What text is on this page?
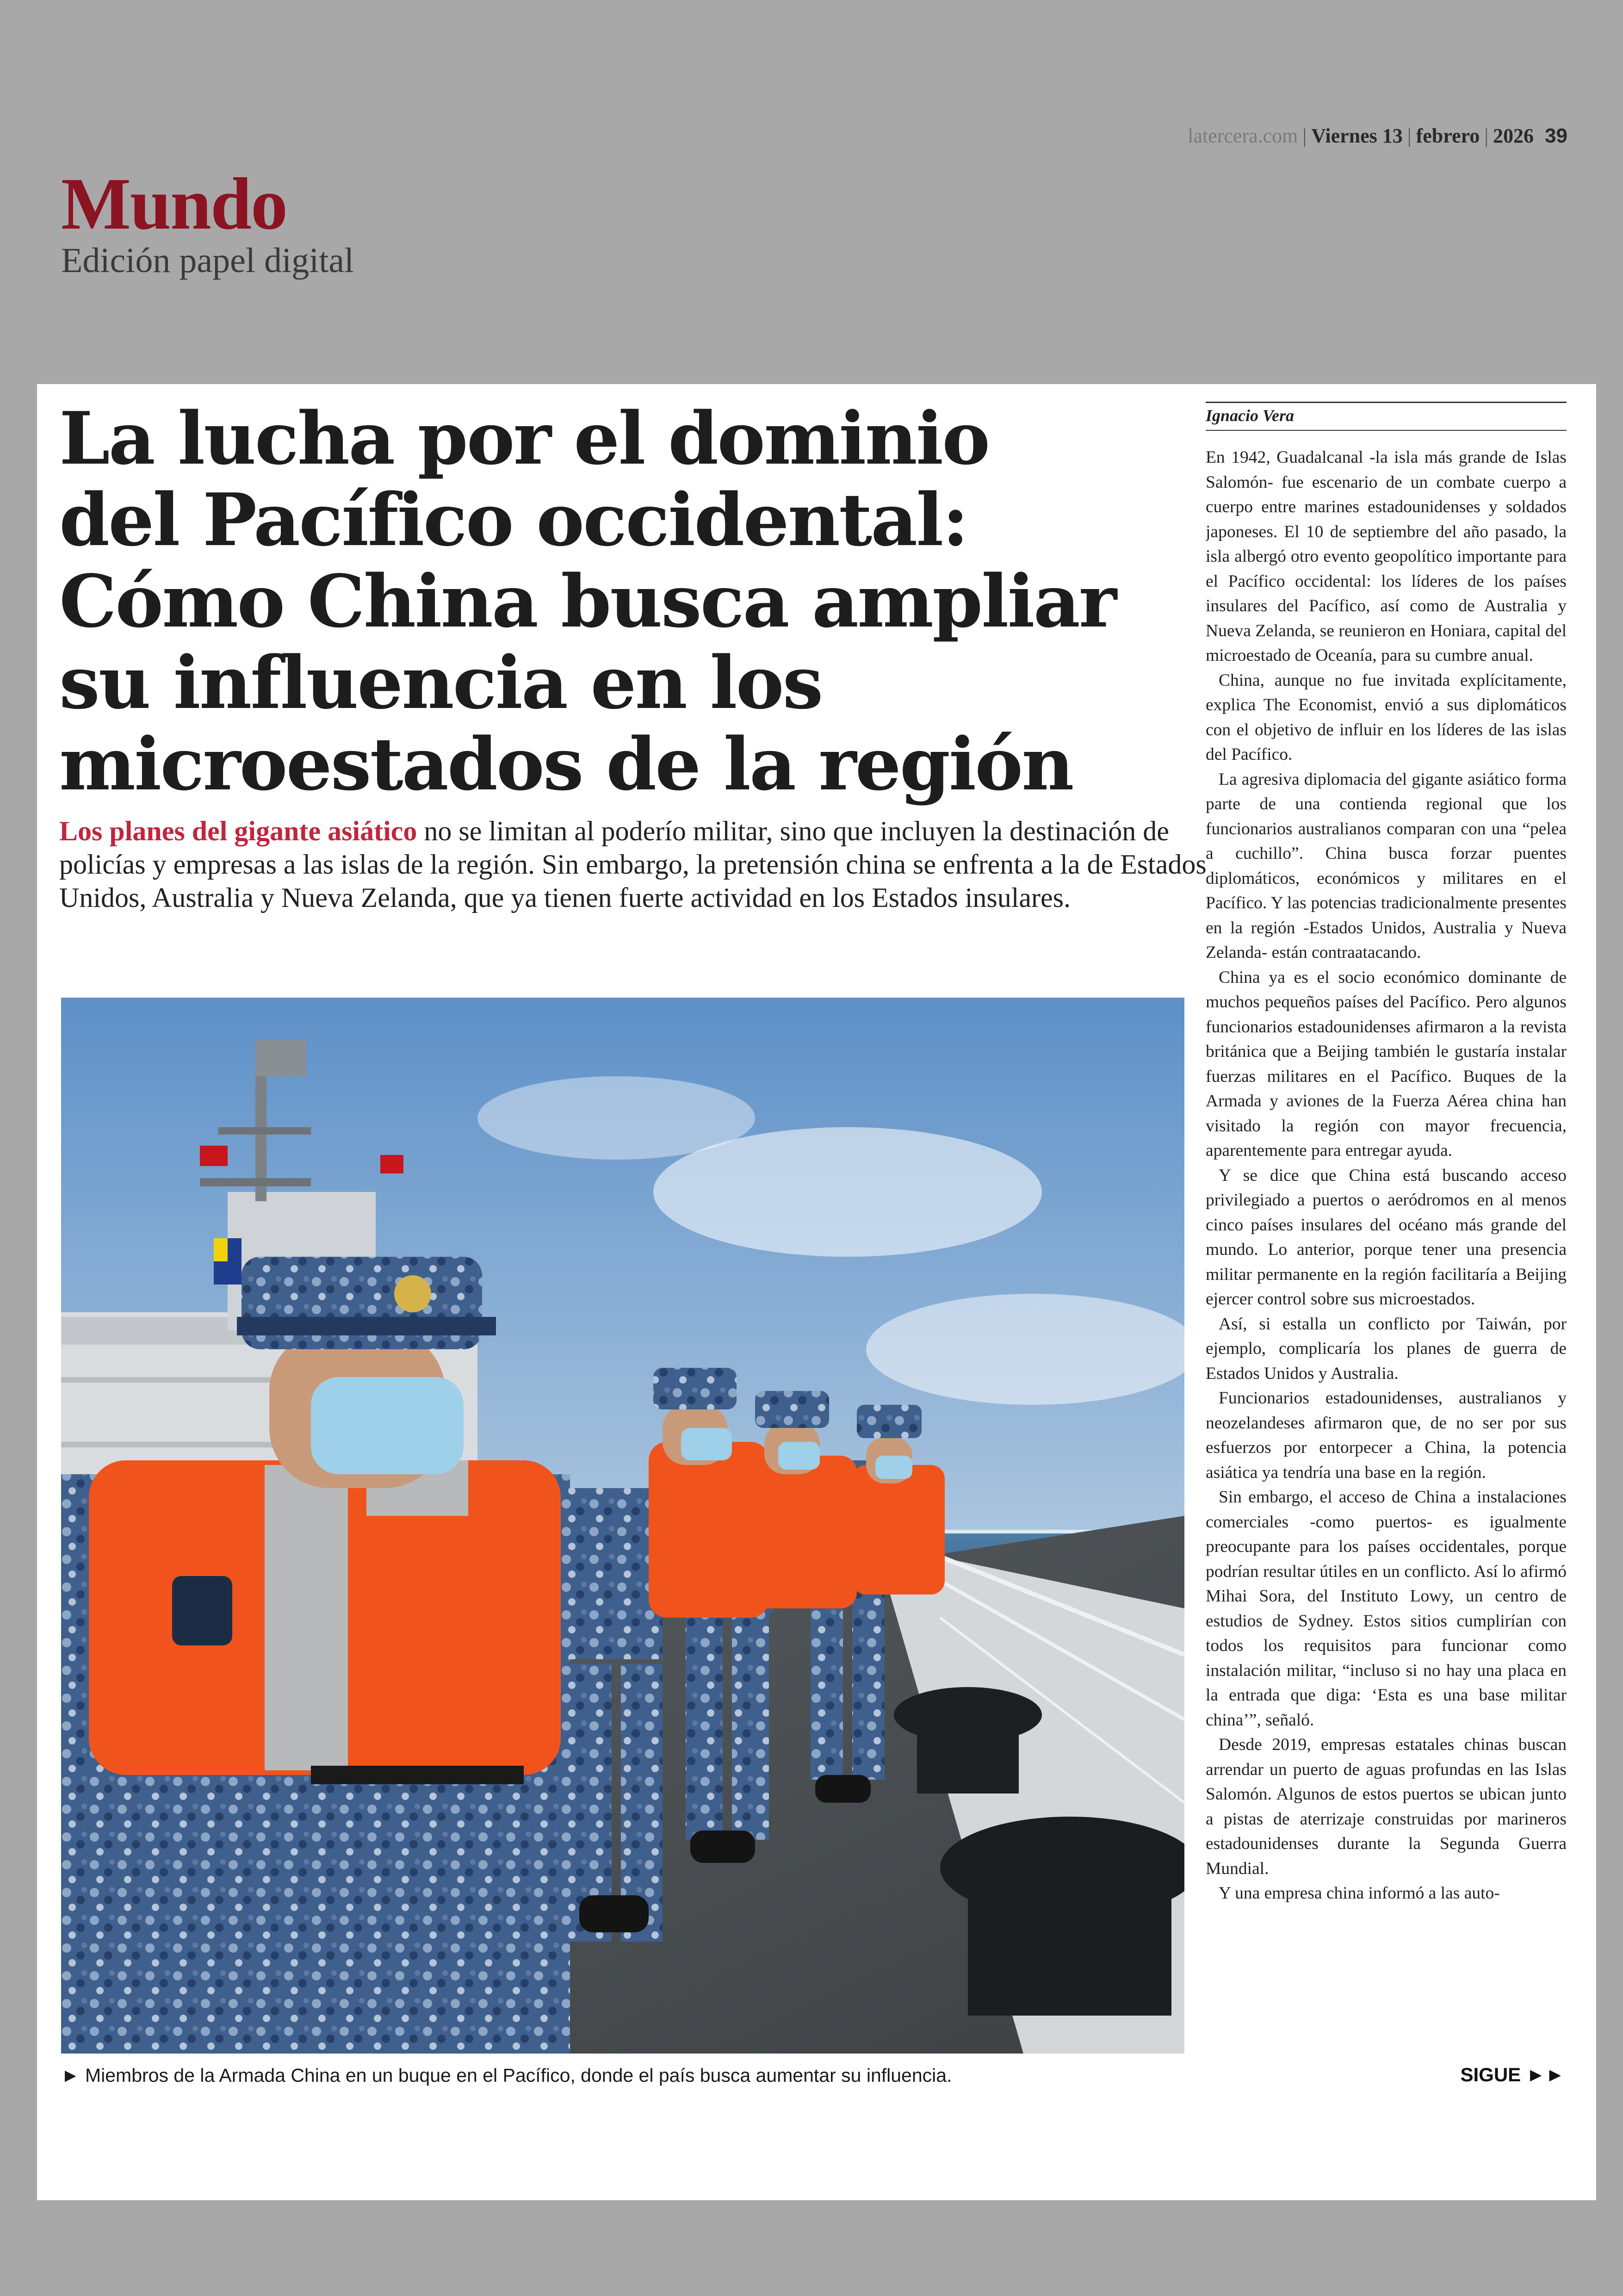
latercera.com | Viernes 13 | febrero | 2026 39
Mundo
Edición papel digital
La lucha por el dominio
del Pacífico occidental:
Cómo China busca ampliar
su influencia en los
microestados de la región

Los planes del gigante asiático no se limitan al poderío militar, sino que incluyen la destinación de policías y empresas a las islas de la región. Sin embargo, la pretensión china se enfrenta a la de Estados Unidos, Australia y Nueva Zelanda, que ya tienen fuerte actividad en los Estados insulares.

► Miembros de la Armada China en un buque en el Pacífico, donde el país busca aumentar su influencia.
Ignacio Vera

En 1942, Guadalcanal -la isla más grande de Islas Salomón- fue escenario de un combate cuerpo a cuerpo entre marines estadounidenses y soldados japoneses. El 10 de septiembre del año pasado, la isla albergó otro evento geopolítico importante para el Pacífico occidental: los líderes de los países insulares del Pacífico, así como de Australia y Nueva Zelanda, se reunieron en Honiara, capital del microestado de Oceanía, para su cumbre anual.

China, aunque no fue invitada explícitamente, explica The Economist, envió a sus diplomáticos con el objetivo de influir en los líderes de las islas del Pacífico.

La agresiva diplomacia del gigante asiático forma parte de una contienda regional que los funcionarios australianos comparan con una “pelea a cuchillo”. China busca forzar puentes diplomáticos, económicos y militares en el Pacífico. Y las potencias tradicionalmente presentes en la región -Estados Unidos, Australia y Nueva Zelanda- están contraatacando.

China ya es el socio económico dominante de muchos pequeños países del Pacífico. Pero algunos funcionarios estadounidenses afirmaron a la revista británica que a Beijing también le gustaría instalar fuerzas militares en el Pacífico. Buques de la Armada y aviones de la Fuerza Aérea china han visitado la región con mayor frecuencia, aparentemente para entregar ayuda.

Y se dice que China está buscando acceso privilegiado a puertos o aeródromos en al menos cinco países insulares del océano más grande del mundo. Lo anterior, porque tener una presencia militar permanente en la región facilitaría a Beijing ejercer control sobre sus microestados.

Así, si estalla un conflicto por Taiwán, por ejemplo, complicaría los planes de guerra de Estados Unidos y Australia.

Funcionarios estadounidenses, australianos y neozelandeses afirmaron que, de no ser por sus esfuerzos por entorpecer a China, la potencia asiática ya tendría una base en la región.

Sin embargo, el acceso de China a instalaciones comerciales -como puertos- es igualmente preocupante para los países occidentales, porque podrían resultar útiles en un conflicto. Así lo afirmó Mihai Sora, del Instituto Lowy, un centro de estudios de Sydney. Estos sitios cumplirían con todos los requisitos para funcionar como instalación militar, “incluso si no hay una placa en la entrada que diga: ‘Esta es una base militar china’”, señaló.

Desde 2019, empresas estatales chinas buscan arrendar un puerto de aguas profundas en las Islas Salomón. Algunos de estos puertos se ubican junto a pistas de aterrizaje construidas por marineros estadounidenses durante la Segunda Guerra Mundial.

Y una empresa china informó a las auto-

SIGUE ►►
